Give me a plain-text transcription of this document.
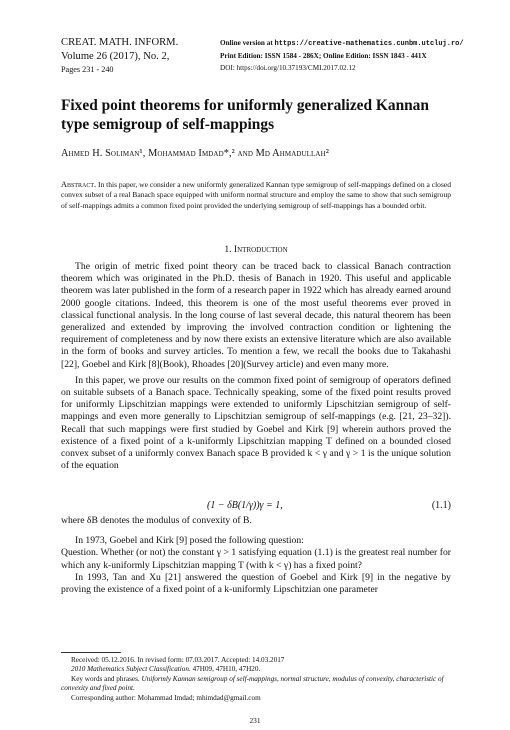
CREAT. MATH. INFORM.
Volume 26 (2017), No. 2,
Pages 231 - 240
Online version at https://creative-mathematics.cunbm.utcluj.ro/
Print Edition: ISSN 1584 - 286X; Online Edition: ISSN 1843 - 441X
DOI: https://doi.org/10.37193/CMI.2017.02.12
Fixed point theorems for uniformly generalized Kannan type semigroup of self-mappings
Ahmed H. Soliman¹, Mohammad Imdad*,² and Md Ahmadullah²
Abstract. In this paper, we consider a new uniformly generalized Kannan type semigroup of self-mappings defined on a closed convex subset of a real Banach space equipped with uniform normal structure and employ the same to show that such semigroup of self-mappings admits a common fixed point provided the underlying semigroup of self-mappings has a bounded orbit.
1. Introduction

The origin of metric fixed point theory can be traced back to classical Banach contraction theorem which was originated in the Ph.D. thesis of Banach in 1920. This useful and applicable theorem was later published in the form of a research paper in 1922 which has already earned around 2000 google citations. Indeed, this theorem is one of the most useful theorems ever proved in classical functional analysis. In the long course of last several decade, this natural theorem has been generalized and extended by improving the involved contraction condition or lightening the requirement of completeness and by now there exists an extensive literature which are also available in the form of books and survey articles. To mention a few, we recall the books due to Takahashi [22], Goebel and Kirk [8](Book), Rhoades [20](Survey article) and even many more.

In this paper, we prove our results on the common fixed point of semigroup of operators defined on suitable subsets of a Banach space. Technically speaking, some of the fixed point results proved for uniformly Lipschitzian mappings were extended to uniformly Lipschitzian semigroup of self-mappings and even more generally to Lipschitzian semigroup of self-mappings (e.g. [21, 23–32]). Recall that such mappings were first studied by Goebel and Kirk [9] wherein authors proved the existence of a fixed point of a k-uniformly Lipschitzian mapping T defined on a bounded closed convex subset of a uniformly convex Banach space B provided k < γ and γ > 1 is the unique solution of the equation

(1 − δB(1/γ))γ = 1,	(1.1)

where δB denotes the modulus of convexity of B.

In 1973, Goebel and Kirk [9] posed the following question:

Question. Whether (or not) the constant γ > 1 satisfying equation (1.1) is the greatest real number for which any k-uniformly Lipschitzian mapping T (with k < γ) has a fixed point?

In 1993, Tan and Xu [21] answered the question of Goebel and Kirk [9] in the negative by proving the existence of a fixed point of a k-uniformly Lipschitzian one parameter

Received: 05.12.2016. In revised form: 07.03.2017. Accepted: 14.03.2017

2010 Mathematics Subject Classification. 47H09, 47H10, 47H20.

Key words and phrases. Uniformly Kannan semigroup of self-mappings, normal structure, modulus of convexity, characteristic of convexity and fixed point.

Corresponding author: Mohammad Imdad; mhimdad@gmail.com

231
